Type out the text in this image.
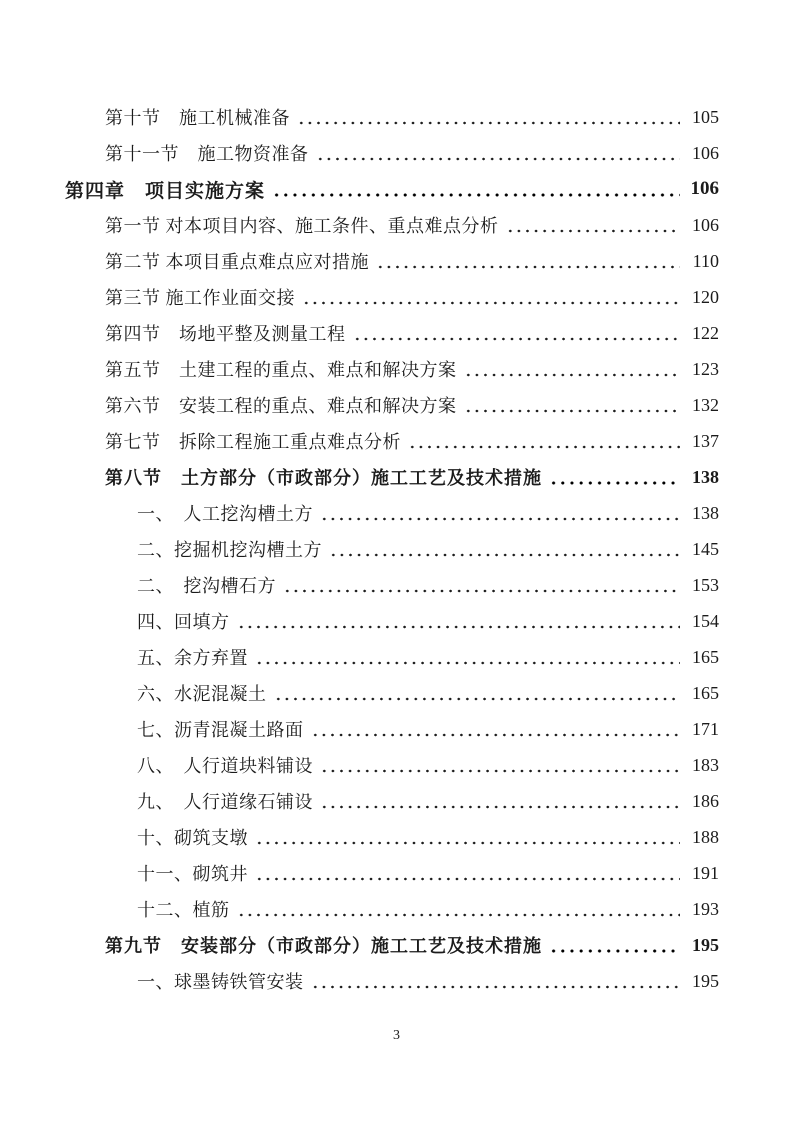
第十节　施工机械准备	105
第十一节　施工物资准备	106
第四章　项目实施方案	106
第一节 对本项目内容、施工条件、重点难点分析	106
第二节 本项目重点难点应对措施	110
第三节 施工作业面交接	120
第四节　场地平整及测量工程	122
第五节　土建工程的重点、难点和解决方案	123
第六节　安装工程的重点、难点和解决方案	132
第七节　拆除工程施工重点难点分析	137
第八节　土方部分（市政部分）施工工艺及技术措施	138
一、　人工挖沟槽土方	138
二、挖掘机挖沟槽土方	145
二、　挖沟槽石方	153
四、回填方	154
五、余方弃置	165
六、水泥混凝土	165
七、沥青混凝土路面	171
八、　人行道块料铺设	183
九、　人行道缘石铺设	186
十、砌筑支墩	188
十一、砌筑井	191
十二、植筋	193
第九节　安装部分（市政部分）施工工艺及技术措施	195
一、球墨铸铁管安装	195
3
